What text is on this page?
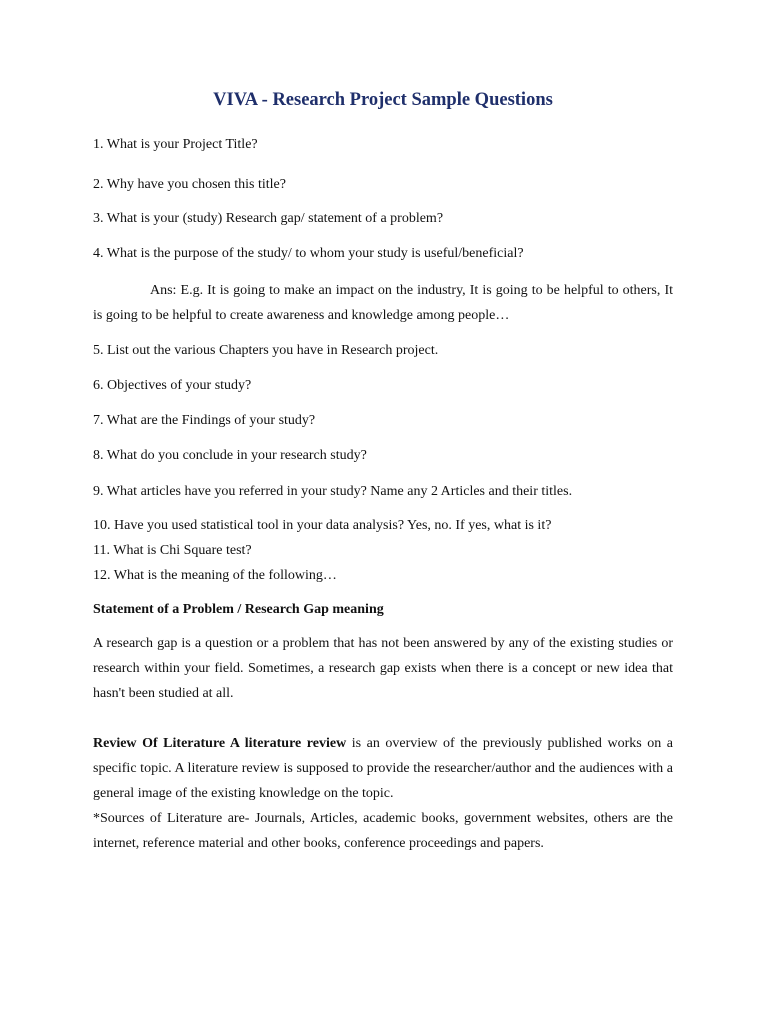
VIVA - Research Project Sample Questions

1. What is your Project Title?

2. Why have you chosen this title?

3. What is your (study) Research gap/ statement of a problem?

4. What is the purpose of the study/ to whom your study is useful/beneficial?

Ans: E.g. It is going to make an impact on the industry, It is going to be helpful to others, It is going to be helpful to create awareness and knowledge among people…

5. List out the various Chapters you have in Research project.

6. Objectives of your study?

7. What are the Findings of your study?

8. What do you conclude in your research study?

9. What articles have you referred in your study? Name any 2 Articles and their titles.

10. Have you used statistical tool in your data analysis? Yes, no. If yes, what is it?

11. What is Chi Square test?

12. What is the meaning of the following…

Statement of a Problem / Research Gap meaning

A research gap is a question or a problem that has not been answered by any of the existing studies or research within your field. Sometimes, a research gap exists when there is a concept or new idea that hasn't been studied at all.

Review Of Literature A literature review is an overview of the previously published works on a specific topic. A literature review is supposed to provide the researcher/author and the audiences with a general image of the existing knowledge on the topic.

*Sources of Literature are- Journals, Articles, academic books, government websites, others are the internet, reference material and other books, conference proceedings and papers.
